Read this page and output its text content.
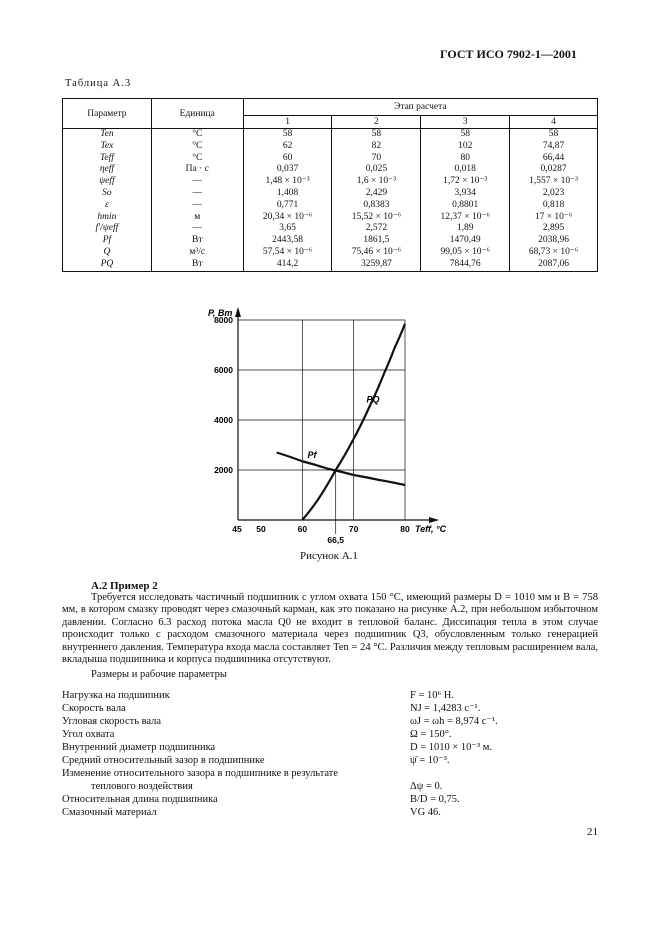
ГОСТ ИСО 7902-1—2001
Таблица А.3
Параметр	Единица	Этап расчета			
		1	2	3	4
Ten	°C	58	58	58	58
Tex	°C	62	82	102	74,87
Teff	°C	60	70	80	66,44
ηeff	Па · с	0,037	0,025	0,018	0,0287
ψeff	—	1,48 × 10⁻³	1,6 × 10⁻³	1,72 × 10⁻³	1,557 × 10⁻³
So	—	1,408	2,429	3,934	2,023
ε	—	0,771	0,8383	0,8801	0,818
hmin	м	20,34 × 10⁻⁶	15,52 × 10⁻⁶	12,37 × 10⁻⁶	17 × 10⁻⁶
f′/ψeff	—	3,65	2,572	1,89	2,895
Pf	Вт	2443,58	1861,5	1470,49	2038,96
Q	м³/с	57,54 × 10⁻⁶	75,46 × 10⁻⁶	99,05 × 10⁻⁶	68,73 × 10⁻⁶
PQ	Вт	414,2	3259,87	7844,76	2087,06
2000
4000
6000
8000
45 50	60	70	80
P, Вт
Teff, °C
Pf
PQ
66,5
Рисунок А.1
А.2 Пример 2
Требуется исследовать частичный подшипник с углом охвата 150 °С, имеющий размеры D = 1010 мм и B = 758 мм, в котором смазку проводят через смазочный карман, как это показано на рисунке А.2, при небольшом избыточном давлении. Согласно 6.3 расход потока масла Q0 не входит в тепловой баланс. Диссипация тепла в этом случае происходит только с расходом смазочного материала через подшипник Q3, обусловленным только генерацией внутреннего давления. Температура входа масла составляет Ten = 24 °С. Различия между тепловым расширением вала, вкладыша подшипника и корпуса подшипника отсутствуют.
Размеры и рабочие параметры
Нагрузка на подшипник	F = 10⁶ Н.
Скорость вала	NJ = 1,4283 с⁻¹.
Угловая скорость вала	ωJ = ωh = 8,974 с⁻¹.
Угол охвата	Ω = 150°.
Внутренний диаметр подшипника	D = 1010 × 10⁻³ м.
Средний относительный зазор в подшипнике	ψ̄ = 10⁻³.
Изменение относительного зазора в подшипнике в результате
теплового воздействия	Δψ = 0.
Относительная длина подшипника	B/D = 0,75.
Смазочный материал	VG 46.
21
